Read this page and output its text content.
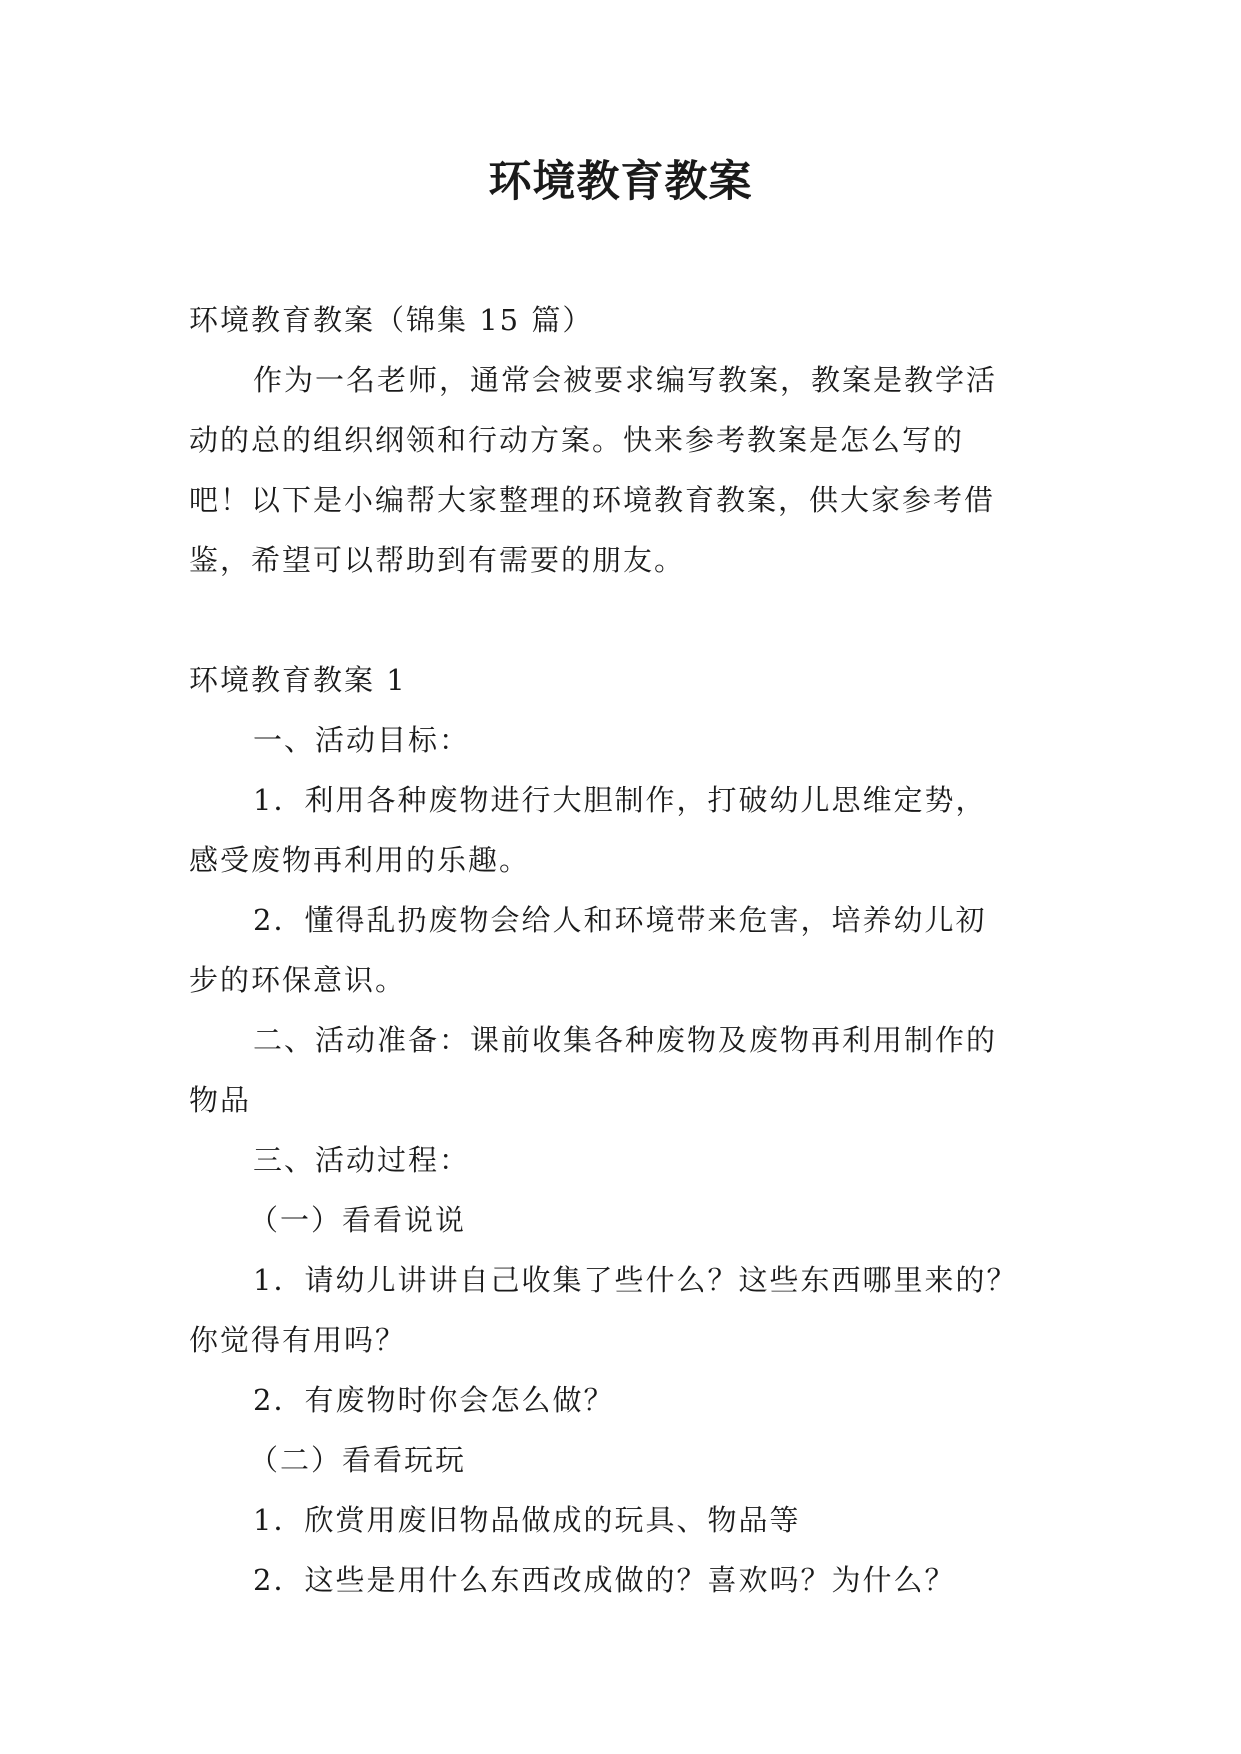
环境教育教案

环境教育教案（锦集 15 篇）

作为一名老师，通常会被要求编写教案，教案是教学活

动的总的组织纲领和行动方案。快来参考教案是怎么写的

吧！以下是小编帮大家整理的环境教育教案，供大家参考借

鉴，希望可以帮助到有需要的朋友。

环境教育教案 1

一、活动目标：

1．利用各种废物进行大胆制作，打破幼儿思维定势，

感受废物再利用的乐趣。

2．懂得乱扔废物会给人和环境带来危害，培养幼儿初

步的环保意识。

二、活动准备：课前收集各种废物及废物再利用制作的

物品

三、活动过程：

（一）看看说说

1．请幼儿讲讲自己收集了些什么？这些东西哪里来的？

你觉得有用吗？

2．有废物时你会怎么做？

（二）看看玩玩

1．欣赏用废旧物品做成的玩具、物品等

2．这些是用什么东西改成做的？喜欢吗？为什么？
